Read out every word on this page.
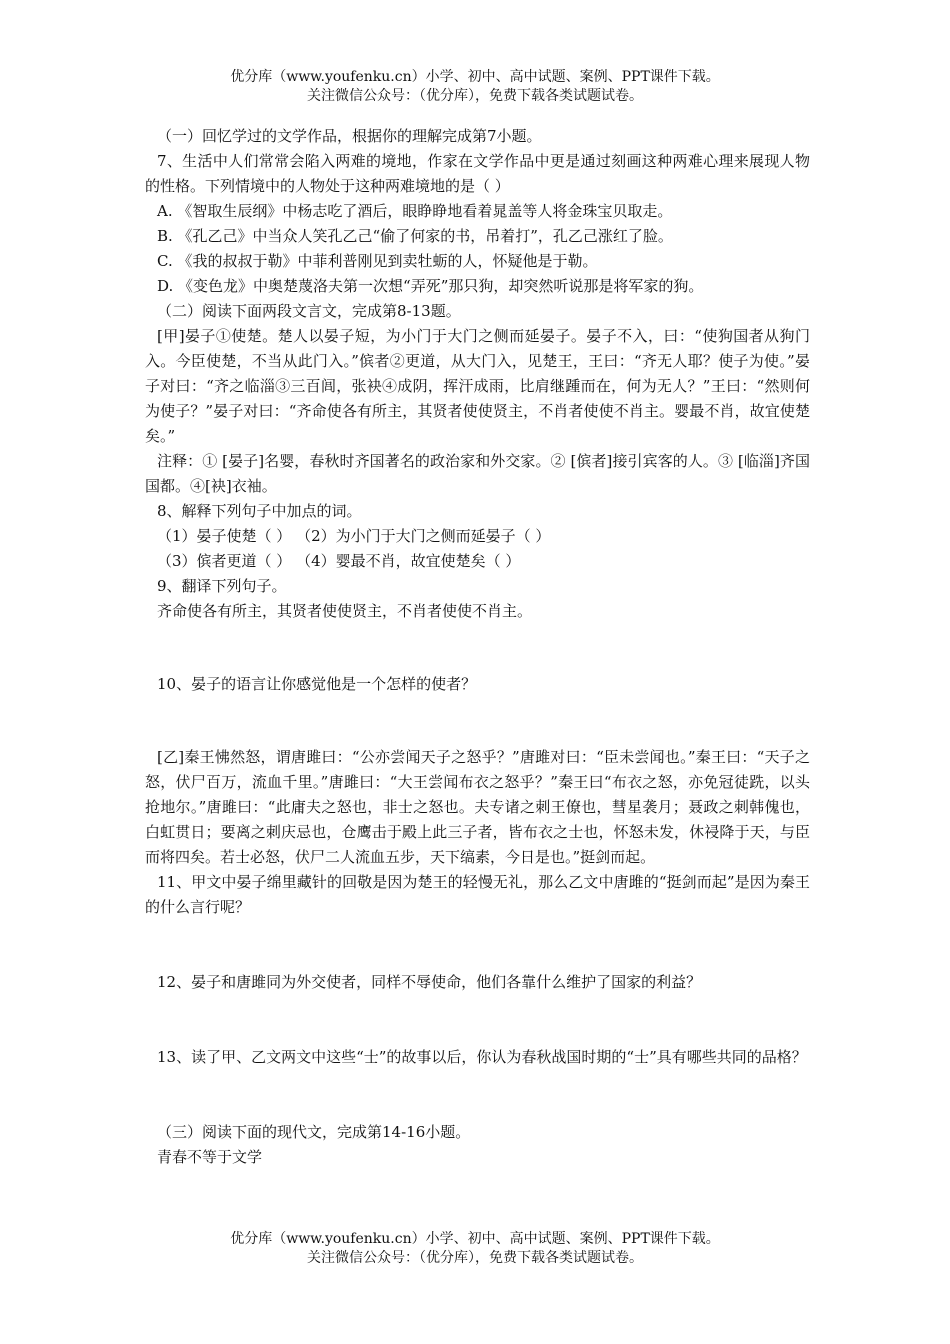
优分库（www.youfenku.cn）小学、初中、高中试题、案例、PPT课件下载。
关注微信公众号：（优分库），免费下载各类试题试卷。

（一）回忆学过的文学作品，根据你的理解完成第7小题。

7、生活中人们常常会陷入两难的境地，作家在文学作品中更是通过刻画这种两难心理来展现人物的性格。下列情境中的人物处于这种两难境地的是（ ）

A. 《智取生辰纲》中杨志吃了酒后，眼睁睁地看着晁盖等人将金珠宝贝取走。

B. 《孔乙己》中当众人笑孔乙己“偷了何家的书，吊着打”，孔乙己涨红了脸。

C. 《我的叔叔于勒》中菲利普刚见到卖牡蛎的人，怀疑他是于勒。

D. 《变色龙》中奥楚蔑洛夫第一次想“弄死”那只狗，却突然听说那是将军家的狗。

（二）阅读下面两段文言文，完成第8-13题。

[甲]晏子①使楚。楚人以晏子短，为小门于大门之侧而延晏子。晏子不入，曰：“使狗国者从狗门入。今臣使楚，不当从此门入。”傧者②更道，从大门入，见楚王，王曰：“齐无人耶？使子为使。”晏子对曰：“齐之临淄③三百闾，张袂④成阴，挥汗成雨，比肩继踵而在，何为无人？”王曰：“然则何为使子？”晏子对曰：“齐命使各有所主，其贤者使使贤主，不肖者使使不肖主。婴最不肖，故宜使楚矣。”

注释：① [晏子]名婴，春秋时齐国著名的政治家和外交家。② [傧者]接引宾客的人。③ [临淄]齐国国都。④[袂]衣袖。

8、解释下列句子中加点的词。

（1）晏子使楚（ ） （2）为小门于大门之侧而延晏子（ ）

（3）傧者更道（ ） （4）婴最不肖，故宜使楚矣（ ）

9、翻译下列句子。

齐命使各有所主，其贤者使使贤主，不肖者使使不肖主。

10、晏子的语言让你感觉他是一个怎样的使者？

[乙]秦王怫然怒，谓唐雎曰：“公亦尝闻天子之怒乎？”唐雎对曰：“臣未尝闻也。”秦王曰：“天子之怒，伏尸百万，流血千里。”唐雎曰：“大王尝闻布衣之怒乎？”秦王曰“布衣之怒，亦免冠徒跣，以头抢地尔。”唐雎曰：“此庸夫之怒也，非士之怒也。夫专诸之刺王僚也，彗星袭月；聂政之刺韩傀也，白虹贯日；要离之刺庆忌也，仓鹰击于殿上此三子者，皆布衣之士也，怀怒未发，休祲降于天，与臣而将四矣。若士必怒，伏尸二人流血五步，天下缟素，今日是也。”挺剑而起。

11、甲文中晏子绵里藏针的回敬是因为楚王的轻慢无礼，那么乙文中唐雎的“挺剑而起”是因为秦王的什么言行呢？

12、晏子和唐雎同为外交使者，同样不辱使命，他们各靠什么维护了国家的利益？

13、读了甲、乙文两文中这些“士”的故事以后，你认为春秋战国时期的“士”具有哪些共同的品格？

（三）阅读下面的现代文，完成第14-16小题。

青春不等于文学

优分库（www.youfenku.cn）小学、初中、高中试题、案例、PPT课件下载。
关注微信公众号：（优分库），免费下载各类试题试卷。
